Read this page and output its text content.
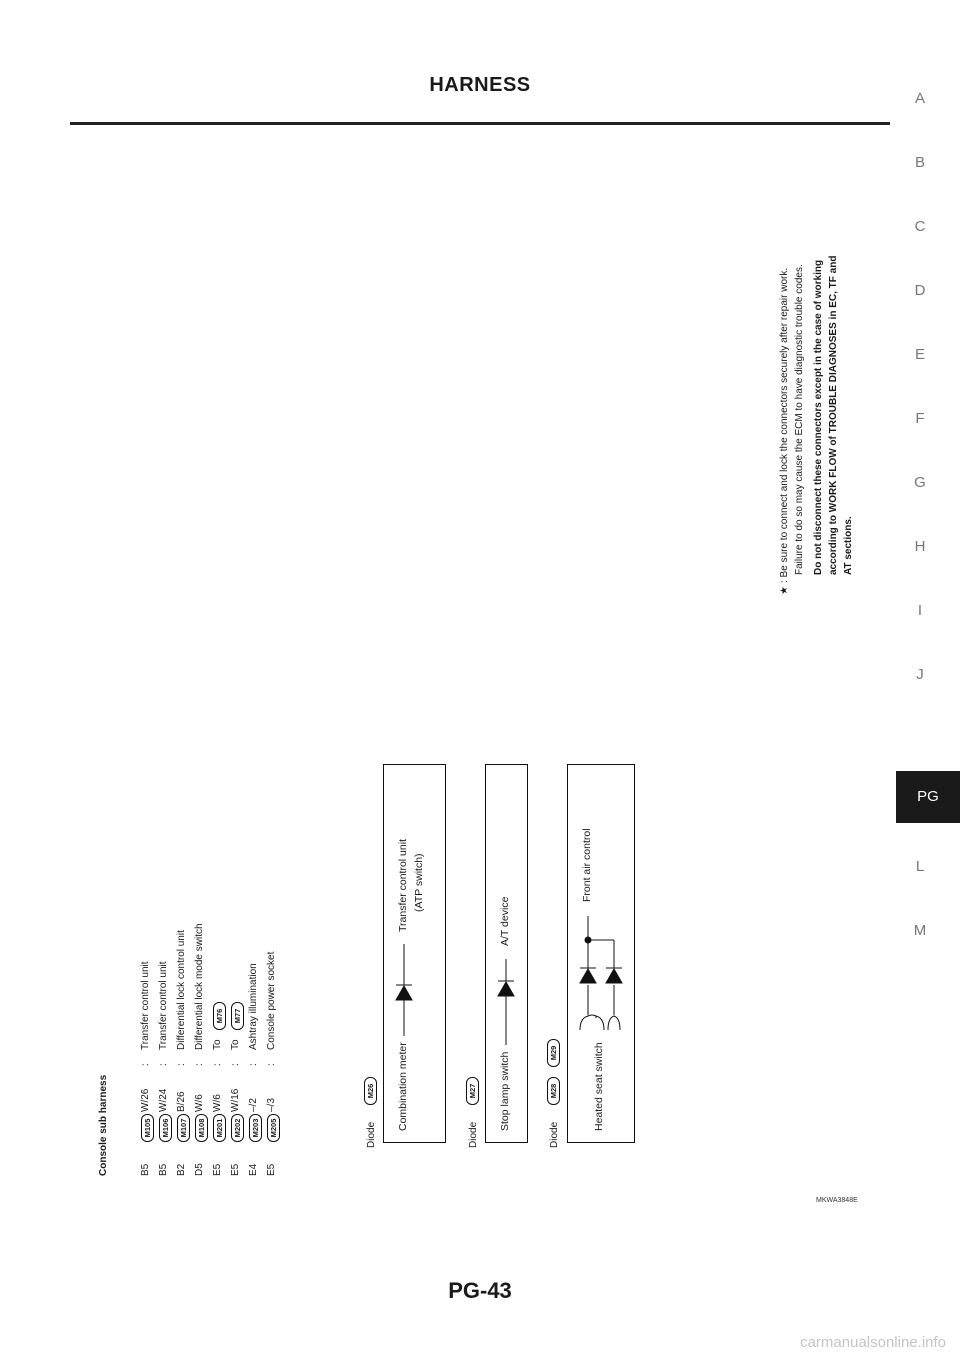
HARNESS
PG-43
carmanualsonline.info
MKWA3848E
A
B
C
D
E
F
G
H
I
J
PG
L
M
Console sub harness	B5
M105
W/26
:
Transfer control unit
B5
M106
W/24
:
Transfer control unit
B2
M107
B/26
:
Differential lock control unit
D5
M108
W/6
:
Differential lock mode switch
E5
M201
W/6
:
To
M76
E5
M202
W/16
:
To
M77
E4
M203
–/2
:
Ashtray illumination
E5
M205
–/3
:
Console power socket
Diode
M26
Diode
M27
Diode
M28
M29
Combination meter
Transfer control unit (ATP switch)
Stop lamp switch
A/T device
Heated seat switch
Front air control
★
: Be sure to connect and lock the connectors securely after repair work. Failure to do so may cause the ECM to have diagnostic trouble codes. Do not disconnect these connectors except in the case of working according to WORK FLOW of TROUBLE DIAGNOSES in EC, TF and AT sections.
